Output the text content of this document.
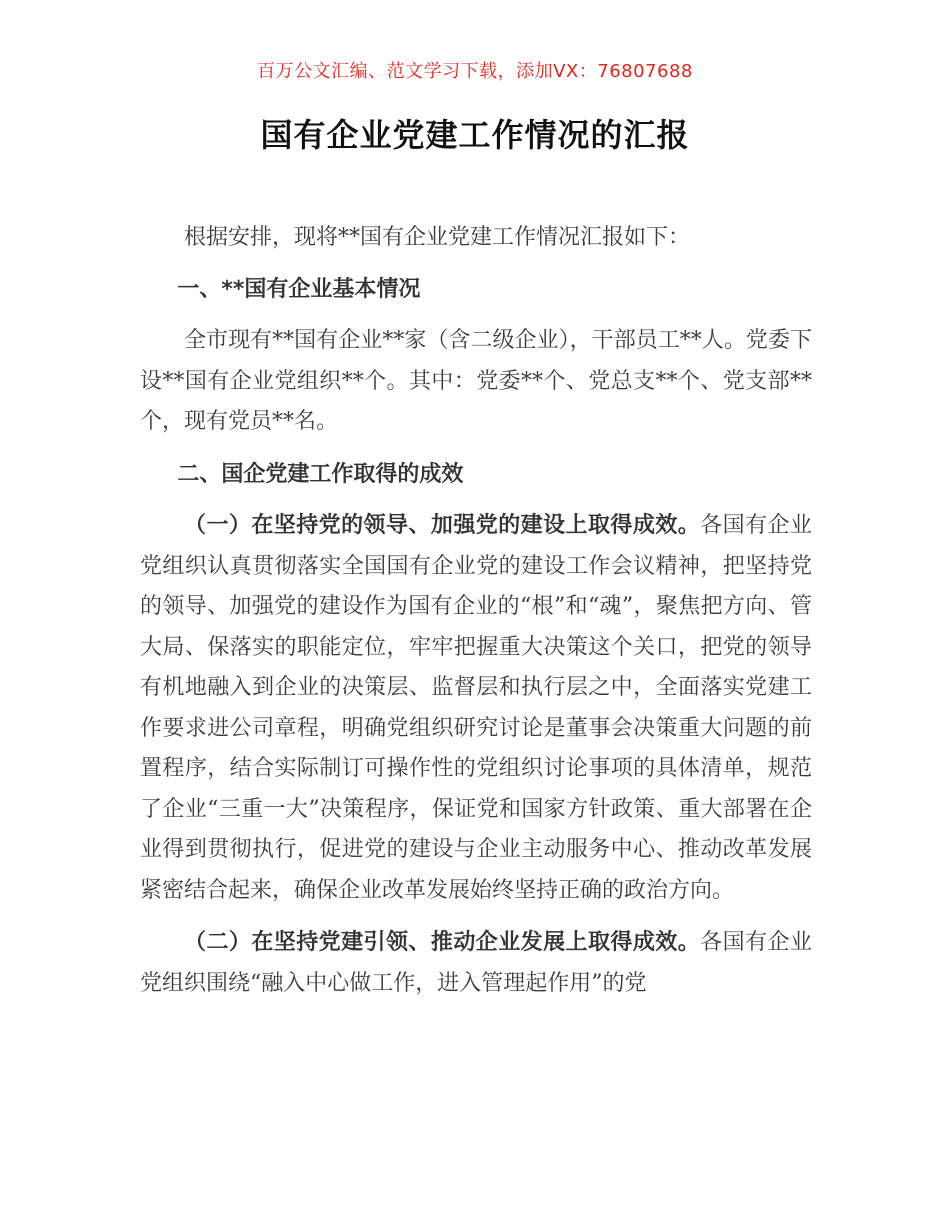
百万公文汇编、范文学习下载，添加VX：76807688
国有企业党建工作情况的汇报

根据安排，现将**国有企业党建工作情况汇报如下：

一、**国有企业基本情况

全市现有**国有企业**家（含二级企业），干部员工**人。党委下设**国有企业党组织**个。其中：党委**个、党总支**个、党支部**个，现有党员**名。

二、国企党建工作取得的成效

（一）在坚持党的领导、加强党的建设上取得成效。各国有企业党组织认真贯彻落实全国国有企业党的建设工作会议精神，把坚持党的领导、加强党的建设作为国有企业的“根”和“魂”，聚焦把方向、管大局、保落实的职能定位，牢牢把握重大决策这个关口，把党的领导有机地融入到企业的决策层、监督层和执行层之中，全面落实党建工作要求进公司章程，明确党组织研究讨论是董事会决策重大问题的前置程序，结合实际制订可操作性的党组织讨论事项的具体清单，规范了企业“三重一大”决策程序，保证党和国家方针政策、重大部署在企业得到贯彻执行，促进党的建设与企业主动服务中心、推动改革发展紧密结合起来，确保企业改革发展始终坚持正确的政治方向。

（二）在坚持党建引领、推动企业发展上取得成效。各国有企业党组织围绕“融入中心做工作，进入管理起作用”的党
